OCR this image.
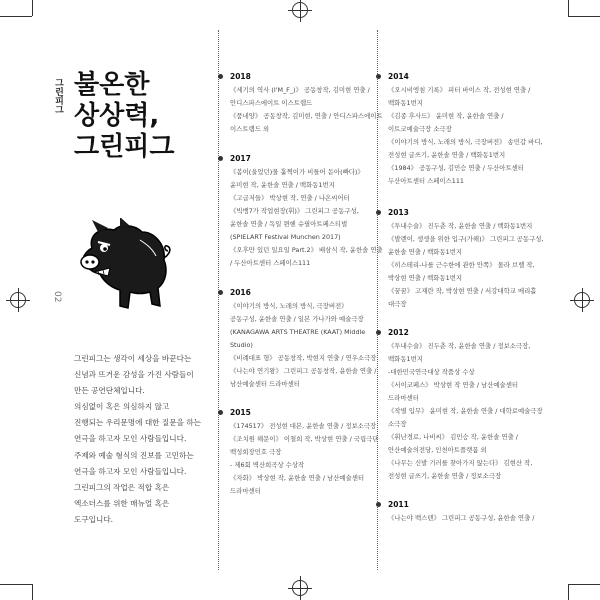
그린피그
02
불온한
상상력,
그린피그
그린피그는 생각이 세상을 바꾼다는
신념과 뜨거운 감성을 가진 사람들이
만든 공연단체입니다.
의심없이 혹은 의심하지 않고
진행되는 우리문명에 대한 질문을 하는
연극을 하고자 모인 사람들입니다.
주제와 예술 형식의 진보를 고민하는
연극을 하고자 모인 사람들입니다.
그린피그의 작업은 적합 혹은
엑소더스를 위한 매뉴얼 혹은
도구입니다.
2018
《세기의 역사 (I'M_F_)》 공동창작, 김미현 연출 /
안디스파스에이트 이스트랩드
《품네양》 공동창작, 김미현, 연출 / 안디스파스에이트
이스트랩드 외
2017
《봄이(울었던)물 훌쩍이가 비틀어 돋아(빠다)》
윤미현 작, 윤한솔 연출 / 백화동1번지
《고급저들》 박상현 작, 연출 / 나온씨어터
《빅뱅7가 작업현장(휘)》 그린피그 공동구성,
윤한솔 연출 / 독일 뮌헨 슈필아트페스티벌
(SPIELART Festival Munchen 2017)
《오후만 있던 일요일 Part.2》 배삼식 작, 윤한솔 연출
/ 두산아트센터 스페이스111
2016
《이야기의 방식, 노래의 방식, 극장버전》
공동구성, 윤한솔 연출 / 일본 가나가와 예술극장
(KANAGAWA ARTS THEATRE (KAAT) Middle
Studio)
《비례대표 형》 공동창작, 박현지 연출 / 연우소극장
《나는야 연기왕》 그린피그 공동창작, 윤한솔 연출 /
남산예술센터 드라마센터
2015
《174517》 전성현 대본, 윤한솔 연출 / 정보소극장
《조치원 해문이》 이철희 작, 박상현 연출 / 국립극단
백성희장민호 극장
- 제6회 벽산희곡상 수상작
《자화》 박상현 작, 윤한솔 연출 / 남산예술센터
드라마센터
2014
《오시비엥침 기록》 피터 바이스 작, 전성현 연출 /
백화동1번지
《김종 후사드》 윤미현 작, 윤한솔 연출 /
이트코예술극장 소극장
《이야기의 방식, 노래의 방식, 극장버전》 송민갑 바디,
전성현 글쓰기, 윤한솔 연출 / 백화동1번지
《1984》 공동구성, 김민승 연출 / 두산아트센터
두산아트센터 스페이스111
2013
《투내수술》 진두춘 작, 윤한솔 연출 / 백화동1번지
《발렌이, 생생을 위한 입구(가해)》 그린피그 공동구성,
윤한솔 연출 / 백화동1번지
《히스테리-나를 근수한에 관한 안쪽》 몰라 브렐 작,
박상현 연출 / 백화동1번지
《꿈꿈》 고재란 작, 박상현 연출 / 서강대학교 메리홀
대극장
2012
《투내수술》 진두춘 작, 윤한솔 연출 / 정보소극장,
백화동1번지
-대한민국연극대상 작품상 수상
《서이코페스》 박상현 작 연출 / 남산예술센터
드라마센터
《작별 입무》 윤미현 작, 윤한솔 연출 / 대학로예술극장
소극장
《휘난경로, 나비씨》 김민승 작, 윤한솔 연출 /
안산예술의전당, 인천아트플랫폼 외
《나무는 신발 기러를 찾아가지 않는다》 김현산 작,
전성현 글쓰기, 윤한솔 연출 / 정보소극장
2011
《나는야 백스텐》 그린피그 공동구성, 윤한솔 연출 /
